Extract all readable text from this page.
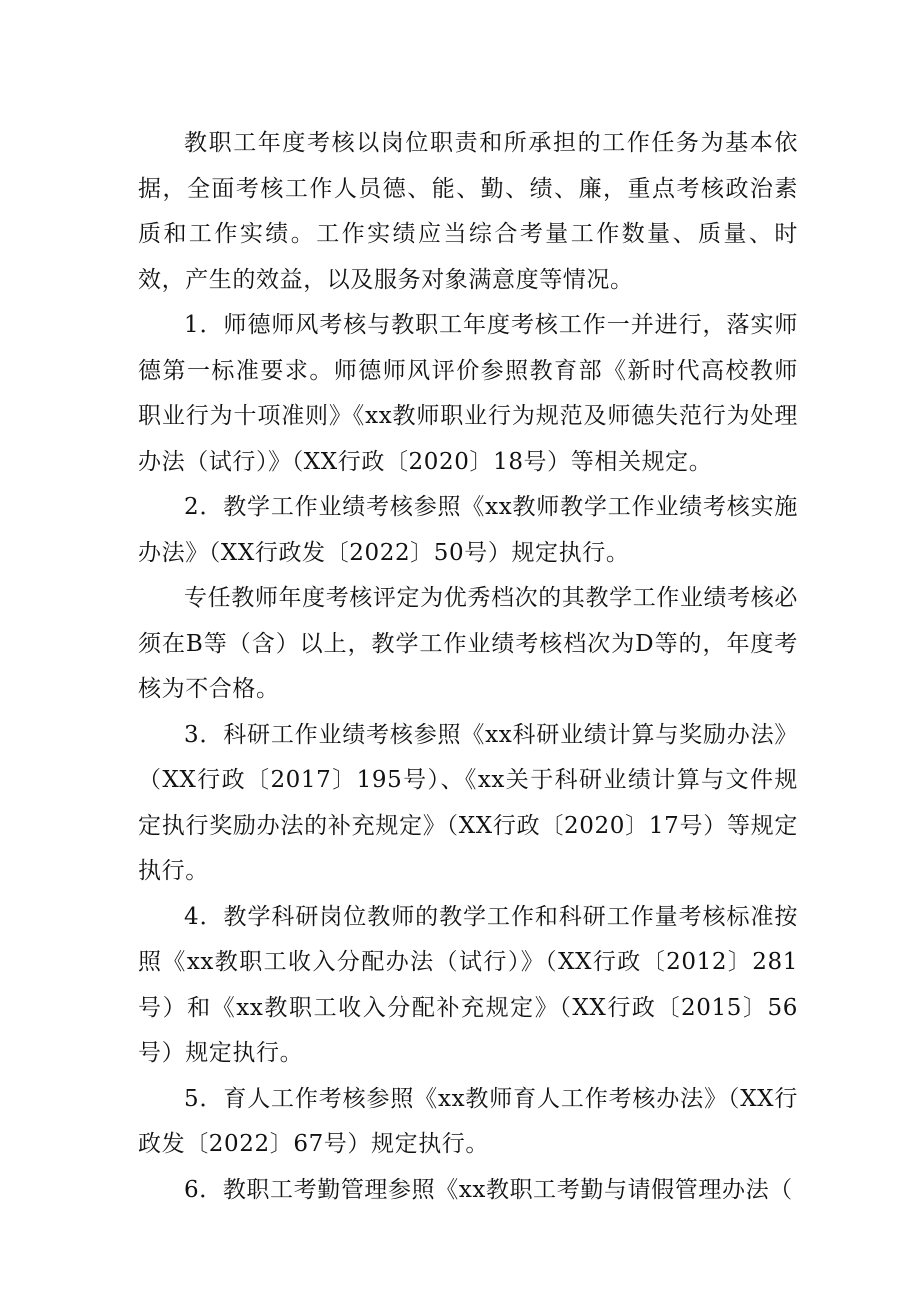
教职工年度考核以岗位职责和所承担的工作任务为基本依据，全面考核工作人员德、能、勤、绩、廉，重点考核政治素质和工作实绩。工作实绩应当综合考量工作数量、质量、时效，产生的效益，以及服务对象满意度等情况。

1．师德师风考核与教职工年度考核工作一并进行，落实师德第一标准要求。师德师风评价参照教育部《新时代高校教师职业行为十项准则》《xx教师职业行为规范及师德失范行为处理办法（试行）》（XX行政〔2020〕18号）等相关规定。

2．教学工作业绩考核参照《xx教师教学工作业绩考核实施办法》（XX行政发〔2022〕50号）规定执行。

专任教师年度考核评定为优秀档次的其教学工作业绩考核必须在B等（含）以上，教学工作业绩考核档次为D等的，年度考核为不合格。

3．科研工作业绩考核参照《xx科研业绩计算与奖励办法》（XX行政〔2017〕195号）、《xx关于科研业绩计算与文件规定执行奖励办法的补充规定》（XX行政〔2020〕17号）等规定执行。

4．教学科研岗位教师的教学工作和科研工作量考核标准按照《xx教职工收入分配办法（试行）》（XX行政〔2012〕281号）和《xx教职工收入分配补充规定》（XX行政〔2015〕56号）规定执行。

5．育人工作考核参照《xx教师育人工作考核办法》（XX行政发〔2022〕67号）规定执行。

6．教职工考勤管理参照《xx教职工考勤与请假管理办法（
